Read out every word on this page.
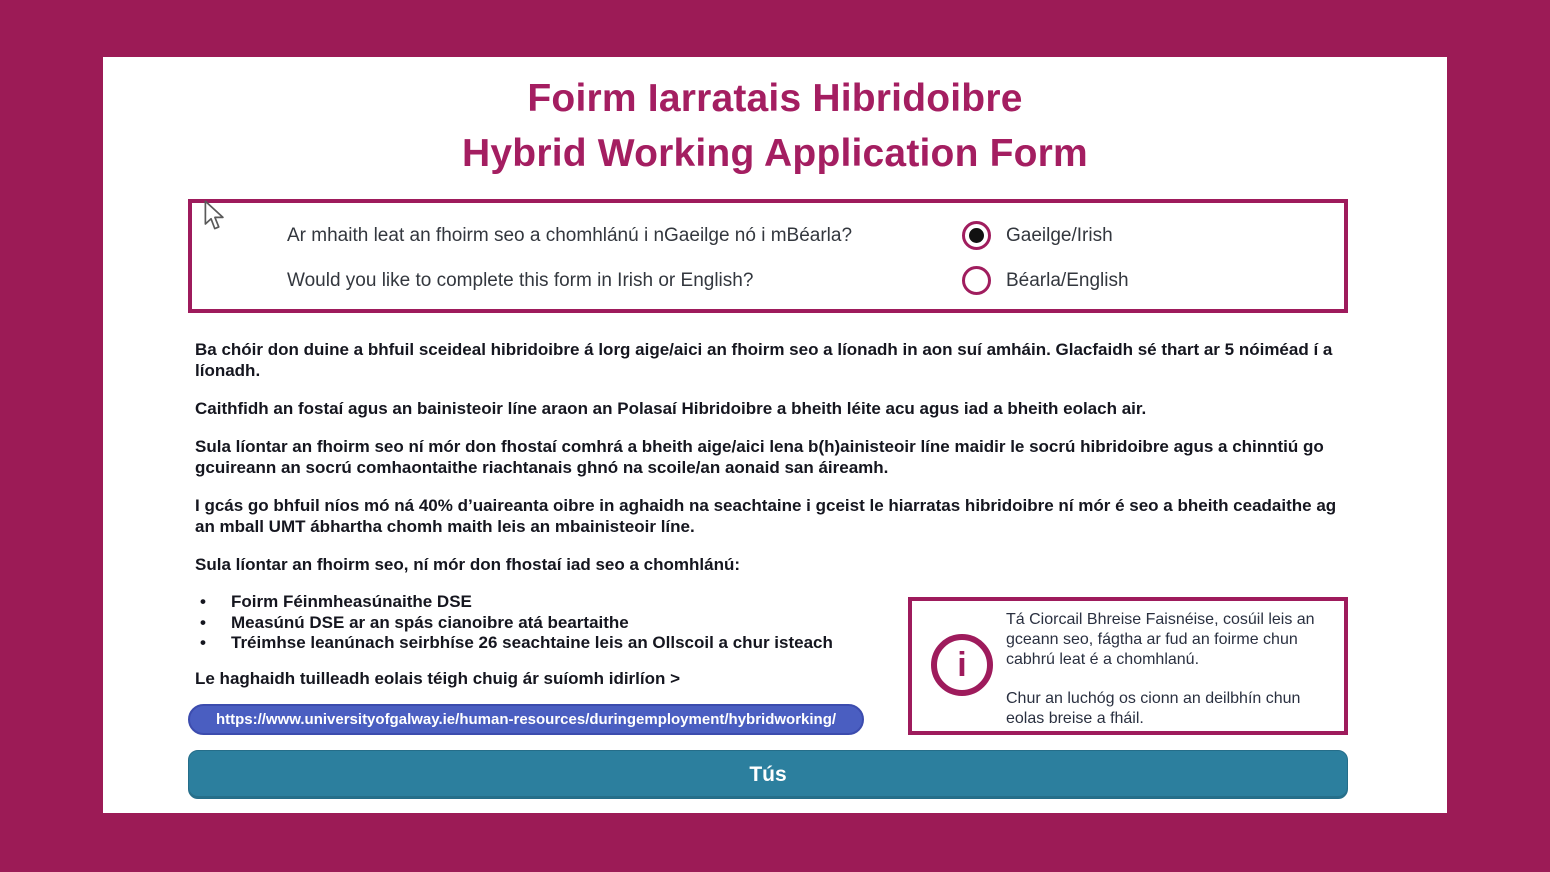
Foirm Iarratais Hibridoibre
Hybrid Working Application Form
Ar mhaith leat an fhoirm seo a chomhlánú i nGaeilge nó i mBéarla?	Gaeilge/Irish
Would you like to complete this form in Irish or English?	Béarla/English

Ba chóir don duine a bhfuil sceideal hibridoibre á lorg aige/aici an fhoirm seo a líonadh in aon suí amháin. Glacfaidh sé thart ar 5 nóiméad í a líonadh.

Caithfidh an fostaí agus an bainisteoir líne araon an Polasaí Hibridoibre a bheith léite acu agus iad a bheith eolach air.

Sula líontar an fhoirm seo ní mór don fhostaí comhrá a bheith aige/aici lena b(h)ainisteoir líne maidir le socrú hibridoibre agus a chinntiú go gcuireann an socrú comhaontaithe riachtanais ghnó na scoile/an aonaid san áireamh.

I gcás go bhfuil níos mó ná 40% d’uaireanta oibre in aghaidh na seachtaine i gceist le hiarratas hibridoibre ní mór é seo a bheith ceadaithe ag an mball UMT ábhartha chomh maith leis an mbainisteoir líne.

Sula líontar an fhoirm seo, ní mór don fhostaí iad seo a chomhlánú:

• Foirm Féinmheasúnaithe DSE
• Measúnú DSE ar an spás cianoibre atá beartaithe
• Tréimhse leanúnach seirbhíse 26 seachtaine leis an Ollscoil a chur isteach

Le haghaidh tuilleadh eolais téigh chuig ár suíomh idirlíon >

https://www.universityofgalway.ie/human-resources/duringemployment/hybridworking/
i

Tá Ciorcail Bhreise Faisnéise, cosúil leis an gceann seo, fágtha ar fud an foirme chun cabhrú leat é a chomhlanú.

Chur an luchóg os cionn an deilbhín chun eolas breise a fháil.

Tús
